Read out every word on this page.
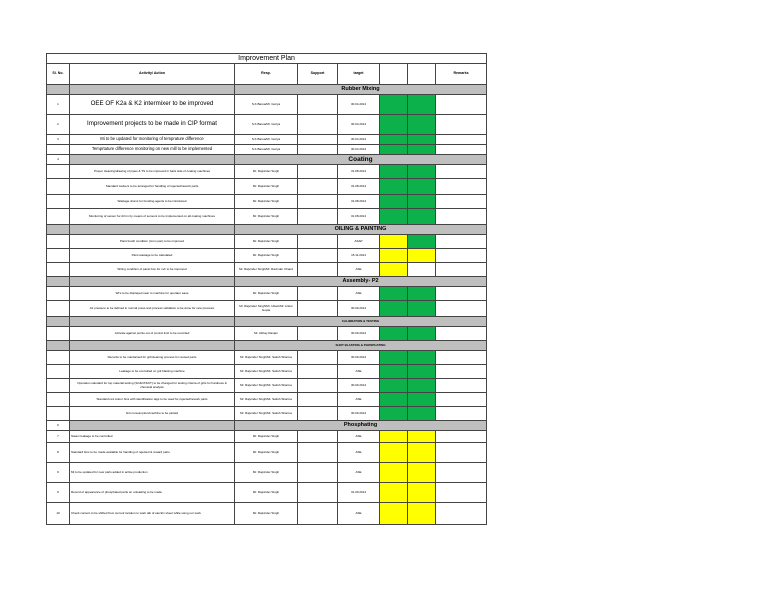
Improvement Plan							
Sl. No.	Activity/ Action	Resp.	Support	target			Remarks
		Rubber Mixing					
1	OEE OF K2a & K2 intermixer to be improved	S.K.Barua/Mr. Guriya		30.04.2014			
2	Improvement projects to be made in CIP format	S.K.Barua/Mr. Guriya		30.04.2014			
3	Mi to be updated for monitoring of temprature difference	S.K.Barua/Mr. Guriya		30.04.2014			
	Temprtature difference monitoring on new mill to be implemented	S.K.Barua/Mr. Guriya		30.04.2014			
4		Coating					
	Proper cleaning/drawing of pipes & TS to be improved in back side of coating machines	Mr. Rajvinder Singh		31.08.2014			
	Standard workers to be arranged for handling of rejected/rework parts	Mr. Rajvinder Singh		31.08.2014			
	Wastage drums for bonding agents to be introduced	Mr. Rajvinder Singh		31.08.2014			
	Monitoring of sensor for dirt in by means of sensors to be implemented on all coating machines	Mr. Rajvinder Singh		31.08.2014			
		OILING & PAINTING					
	Paint booth condition (crom pan) to be improved	Mr. Rajvinder Singh		ASAP			
	Paint wastage to be calculated	Mr. Rajvinder Singh		15.11.2014			
	Wiring condition of panel box for m/c to be improved	Mr. Rajvinder Singh/Mr. Ravinder Chand		ASE			
		Assembly- P2					
	WI's to be displayed near to machine for operator ease	Mr. Rajvinder Singh		ASE			
	Air pressure to be defined in normal press and process validation to be done for new pressure	Mr. Rajvinder Singh/Mr. Uttam/Mr. Ankur Gupta		30.09.2014			
		CALIBRATION & TESTING					
	Activate against points out of control limit to be recorded	Mr. Abhay Ranjan		30.09.2014			
		SHOT BLASTING & PHOSPHATING					
	Records to be maintained for grit/cleaning process for reused parts	Mr. Rajvinder Singh/Mr. Satish Sharma		30.09.2014			
	Leakage to be controlled on grit blasting machine	Mr. Rajvinder Singh/Mr. Satish Sharma		ASE			
	Operation standard for top material testing (SC&OT&OT) to be changed for testing criteria of grits for hardness & chemical analysis	Mr. Rajvinder Singh/Mr. Satish Sharma		30.09.2014			
	Standard red colour bins with identification tags to be used for rejected/rework parts	Mr. Rajvinder Singh/Mr. Satish Sharma		ASE			
	Grit consumption/machine to be plotted	Mr. Rajvinder Singh/Mr. Satish Sharma		30.09.2014			
6		Phosphating					
7	Steam leakage to be controlled	Mr. Rajvinder Singh		ASE			
8	Standard bins to be made available for handling of rejected & reward parts	Mr. Rajvinder Singh		ASE			
9	MI to be updated for new parts added in active production	Mr. Rajvinder Singh		ASE			
9	Record of appearance of phosphated parts on unloading to be made	Mr. Rajvinder Singh		31.09.2014			
10	Check content to be shifted from current location to work tab of electric sheet while using our work	Mr. Rajvinder Singh		ASE			
